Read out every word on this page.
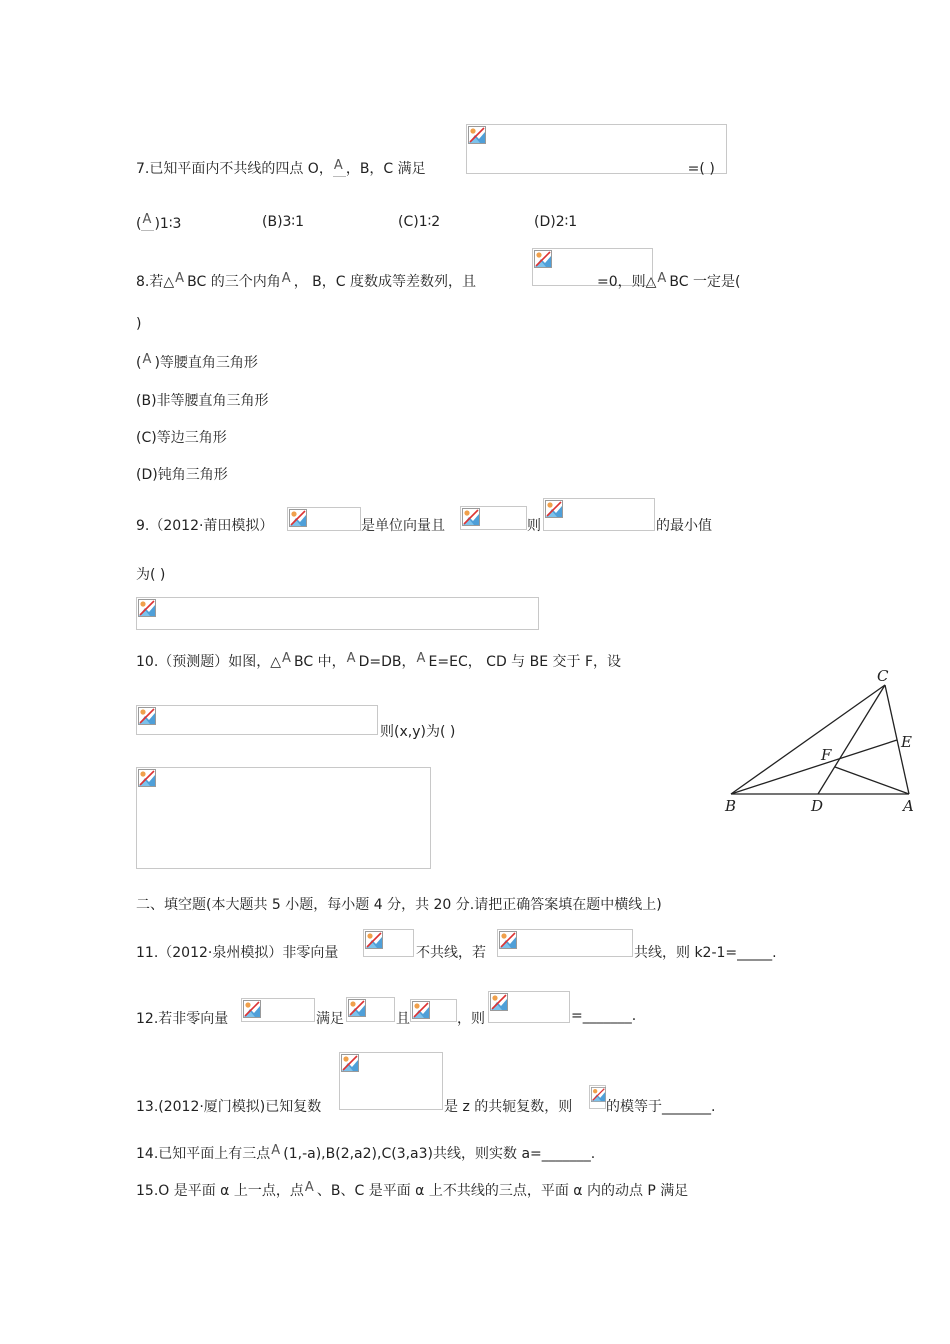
7.已知平面内不共线的四点 O， A ，B，C 满足	=( )
( A )1∶3	(B)3∶1	(C)1∶2	(D)2∶1
8.若△ A BC 的三个内角 A ， B，C 度数成等差数列，且	=0，则△ A BC 一定是(
)
( A )等腰直角三角形
(B)非等腰直角三角形
(C)等边三角形
(D)钝角三角形
9.（2012·莆田模拟）	是单位向量且	则	的最小值
为( )
10.（预测题）如图，△ A BC 中， A D=DB， A E=EC， CD 与 BE 交于 F，设
则(x,y)为( )
C
E
F
B	D	A
二、填空题(本大题共 5 小题，每小题 4 分，共 20 分.请把正确答案填在题中横线上)
11.（2012·泉州模拟）非零向量	不共线，若	共线，则 k2-1=_____.
12.若非零向量	满足	且	，则	=_______.
13.(2012·厦门模拟)已知复数	是 z 的共轭复数，则 的模等于_______.
14.已知平面上有三点 A (1,-a),B(2,a2),C(3,a3)共线，则实数 a=_______.
15.O 是平面 α 上一点，点 A 、B、C 是平面 α 上不共线的三点，平面 α 内的动点 P 满足
